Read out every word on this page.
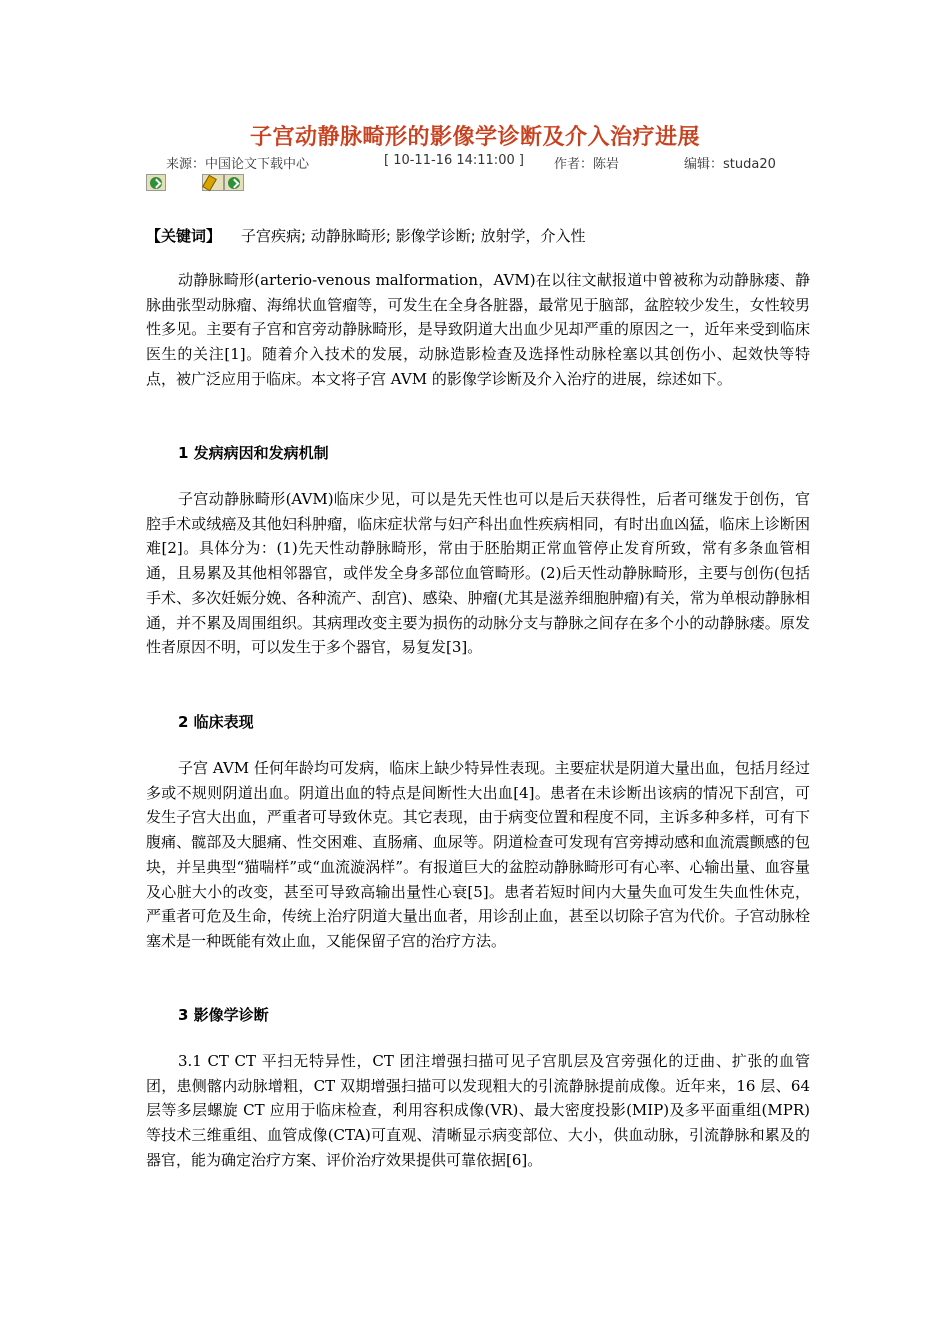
子宫动静脉畸形的影像学诊断及介入治疗进展
来源：中国论文下载中心	[ 10-11-16 14:11:00 ] 作者：陈岩	编辑：studa20
【关键词】 子宫疾病; 动静脉畸形; 影像学诊断; 放射学，介入性

动静脉畸形(arterio-venous malformation，AVM)在以往文献报道中曾被称为动静脉瘘、静脉曲张型动脉瘤、海绵状血管瘤等，可发生在全身各脏器，最常见于脑部，盆腔较少发生，女性较男性多见。主要有子宫和宫旁动静脉畸形，是导致阴道大出血少见却严重的原因之一，近年来受到临床医生的关注[1]。随着介入技术的发展，动脉造影检查及选择性动脉栓塞以其创伤小、起效快等特点，被广泛应用于临床。本文将子宫 AVM 的影像学诊断及介入治疗的进展，综述如下。

1 发病病因和发病机制

子宫动静脉畸形(AVM)临床少见，可以是先天性也可以是后天获得性，后者可继发于创伤，官腔手术或绒癌及其他妇科肿瘤，临床症状常与妇产科出血性疾病相同，有时出血凶猛，临床上诊断困难[2]。具体分为：(1)先天性动静脉畸形，常由于胚胎期正常血管停止发育所致，常有多条血管相通，且易累及其他相邻器官，或伴发全身多部位血管畸形。(2)后天性动静脉畸形，主要与创伤(包括手术、多次妊娠分娩、各种流产、刮宫)、感染、肿瘤(尤其是滋养细胞肿瘤)有关，常为单根动静脉相通，并不累及周围组织。其病理改变主要为损伤的动脉分支与静脉之间存在多个小的动静脉瘘。原发性者原因不明，可以发生于多个器官，易复发[3]。

2 临床表现

子宫 AVM 任何年龄均可发病，临床上缺少特异性表现。主要症状是阴道大量出血，包括月经过多或不规则阴道出血。阴道出血的特点是间断性大出血[4]。患者在未诊断出该病的情况下刮宫，可发生子宫大出血，严重者可导致休克。其它表现，由于病变位置和程度不同，主诉多种多样，可有下腹痛、髋部及大腿痛、性交困难、直肠痛、血尿等。阴道检查可发现有宫旁搏动感和血流震颤感的包块，并呈典型“猫喘样”或“血流漩涡样”。有报道巨大的盆腔动静脉畸形可有心率、心输出量、血容量及心脏大小的改变，甚至可导致高输出量性心衰[5]。患者若短时间内大量失血可发生失血性休克，严重者可危及生命，传统上治疗阴道大量出血者，用诊刮止血，甚至以切除子宫为代价。子宫动脉栓塞术是一种既能有效止血，又能保留子宫的治疗方法。

3 影像学诊断

3.1 CT CT 平扫无特异性，CT 团注增强扫描可见子宫肌层及宫旁强化的迂曲、扩张的血管团，患侧髂内动脉增粗，CT 双期增强扫描可以发现粗大的引流静脉提前成像。近年来，16 层、64 层等多层螺旋 CT 应用于临床检查，利用容积成像(VR)、最大密度投影(MIP)及多平面重组(MPR)等技术三维重组、血管成像(CTA)可直观、清晰显示病变部位、大小，供血动脉，引流静脉和累及的器官，能为确定治疗方案、评价治疗效果提供可靠依据[6]。
